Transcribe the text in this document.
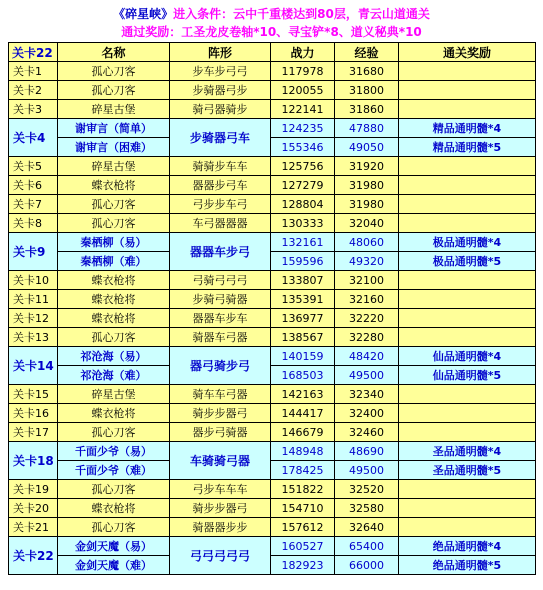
《碎星峡》进入条件：云中千重楼达到80层，青云山道通关
通过奖励：工圣龙皮卷轴*10、寻宝铲*8、道义秘典*10
关卡22	名称	阵形	战力	经验	通关奖励
关卡1	孤心刀客	步车步弓弓	117978	31680	
关卡2	孤心刀客	步骑器弓步	120055	31800	
关卡3	碎星古堡	骑弓器骑步	122141	31860	
关卡4	谢审言（简单）	步骑器弓车	124235	47880	精品通明髓*4
	谢审言（困难）		155346	49050	精品通明髓*5
关卡5	碎星古堡	骑骑步车车	125756	31920	
关卡6	蝶衣枪将	器器步弓车	127279	31980	
关卡7	孤心刀客	弓步步车弓	128804	31980	
关卡8	孤心刀客	车弓器器器	130333	32040	
关卡9	秦栖柳（易）	器器车步弓	132161	48060	极品通明髓*4
	秦栖柳（难）		159596	49320	极品通明髓*5
关卡10	蝶衣枪将	弓骑弓弓弓	133807	32100	
关卡11	蝶衣枪将	步骑弓骑器	135391	32160	
关卡12	蝶衣枪将	器器车步车	136977	32220	
关卡13	孤心刀客	骑器车弓器	138567	32280	
关卡14	祁沧海（易）	器弓骑步弓	140159	48420	仙品通明髓*4
	祁沧海（难）		168503	49500	仙品通明髓*5
关卡15	碎星古堡	骑车车弓器	142163	32340	
关卡16	蝶衣枪将	骑步步器弓	144417	32400	
关卡17	孤心刀客	器步弓骑器	146679	32460	
关卡18	千面少爷（易）	车骑骑弓器	148948	48690	圣品通明髓*4
	千面少爷（难）		178425	49500	圣品通明髓*5
关卡19	孤心刀客	弓步车车车	151822	32520	
关卡20	蝶衣枪将	骑步步器弓	154710	32580	
关卡21	孤心刀客	骑器器步步	157612	32640	
关卡22	金剑天魔（易）	弓弓弓弓弓	160527	65400	绝品通明髓*4
	金剑天魔（难）		182923	66000	绝品通明髓*5
